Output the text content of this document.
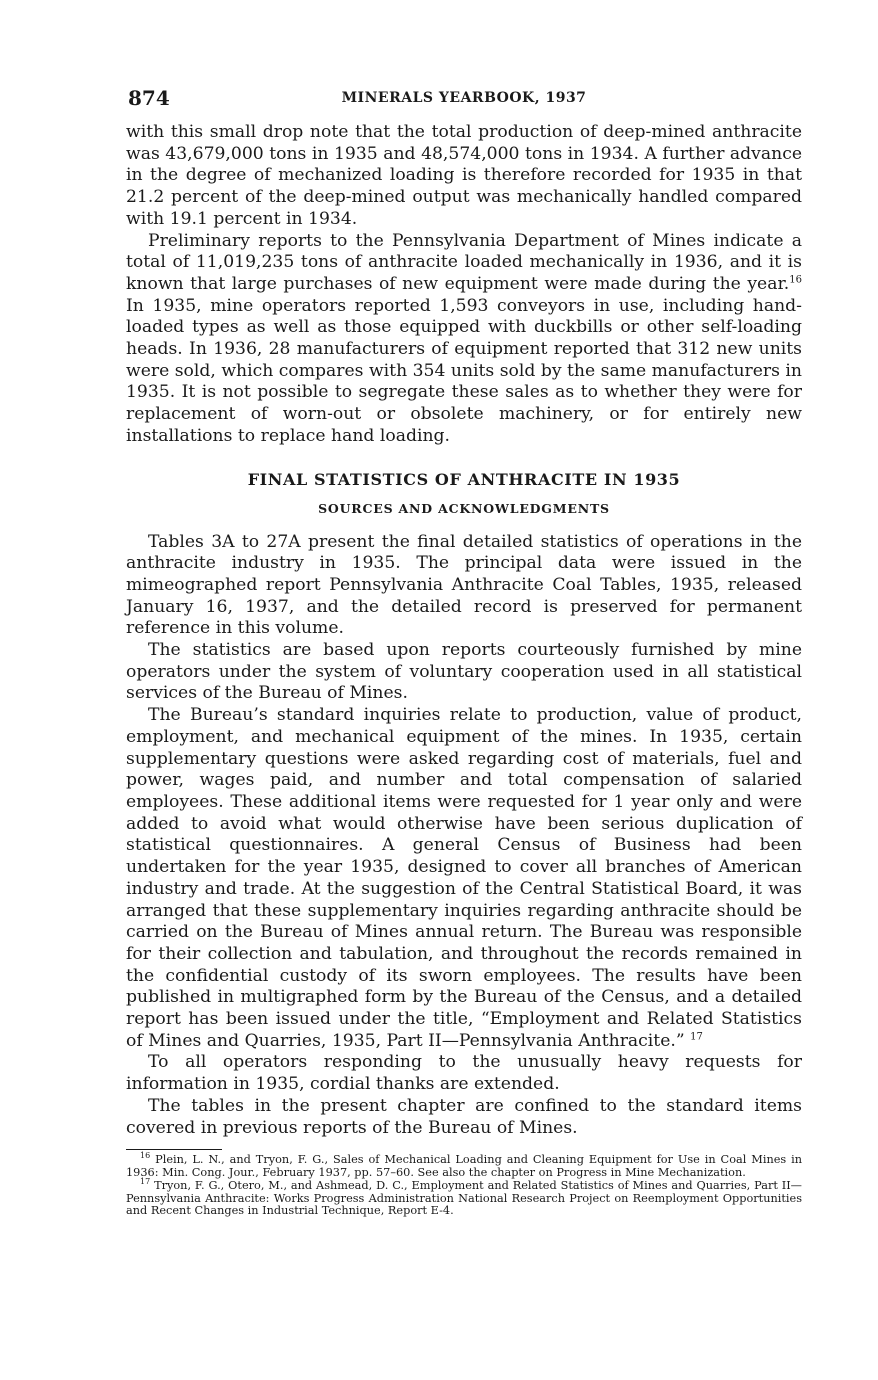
874	MINERALS YEARBOOK, 1937

with this small drop note that the total production of deep-mined anthracite was 43,679,000 tons in 1935 and 48,574,000 tons in 1934. A further advance in the degree of mechanized loading is therefore recorded for 1935 in that 21.2 percent of the deep-mined output was mechanically handled compared with 19.1 percent in 1934.

Preliminary reports to the Pennsylvania Department of Mines indicate a total of 11,019,235 tons of anthracite loaded mechanically in 1936, and it is known that large purchases of new equipment were made during the year.$^{16}$ In 1935, mine operators reported 1,593 conveyors in use, including hand-loaded types as well as those equipped with duckbills or other self-loading heads. In 1936, 28 manufacturers of equipment reported that 312 new units were sold, which compares with 354 units sold by the same manufacturers in 1935. It is not possible to segregate these sales as to whether they were for replacement of worn-out or obsolete machinery, or for entirely new installations to replace hand loading.

FINAL STATISTICS OF ANTHRACITE IN 1935
SOURCES AND ACKNOWLEDGMENTS

Tables 3A to 27A present the final detailed statistics of operations in the anthracite industry in 1935. The principal data were issued in the mimeographed report Pennsylvania Anthracite Coal Tables, 1935, released January 16, 1937, and the detailed record is preserved for permanent reference in this volume.

The statistics are based upon reports courteously furnished by mine operators under the system of voluntary cooperation used in all statistical services of the Bureau of Mines.

The Bureau’s standard inquiries relate to production, value of product, employment, and mechanical equipment of the mines. In 1935, certain supplementary questions were asked regarding cost of materials, fuel and power, wages paid, and number and total compensation of salaried employees. These additional items were requested for 1 year only and were added to avoid what would otherwise have been serious duplication of statistical questionnaires. A general Census of Business had been undertaken for the year 1935, designed to cover all branches of American industry and trade. At the suggestion of the Central Statistical Board, it was arranged that these supplementary inquiries regarding anthracite should be carried on the Bureau of Mines annual return. The Bureau was responsible for their collection and tabulation, and throughout the records remained in the confidential custody of its sworn employees. The results have been published in multigraphed form by the Bureau of the Census, and a detailed report has been issued under the title, “Employment and Related Statistics of Mines and Quarries, 1935, Part II—Pennsylvania Anthracite.” $^{17}$

To all operators responding to the unusually heavy requests for information in 1935, cordial thanks are extended.

The tables in the present chapter are confined to the standard items covered in previous reports of the Bureau of Mines.

$^{16}$ Plein, L. N., and Tryon, F. G., Sales of Mechanical Loading and Cleaning Equipment for Use in Coal Mines in 1936: Min. Cong. Jour., February 1937, pp. 57–60. See also the chapter on Progress in Mine Mechanization.

$^{17}$ Tryon, F. G., Otero, M., and Ashmead, D. C., Employment and Related Statistics of Mines and Quarries, Part II—Pennsylvania Anthracite: Works Progress Administration National Research Project on Reemployment Opportunities and Recent Changes in Industrial Technique, Report E-4.
